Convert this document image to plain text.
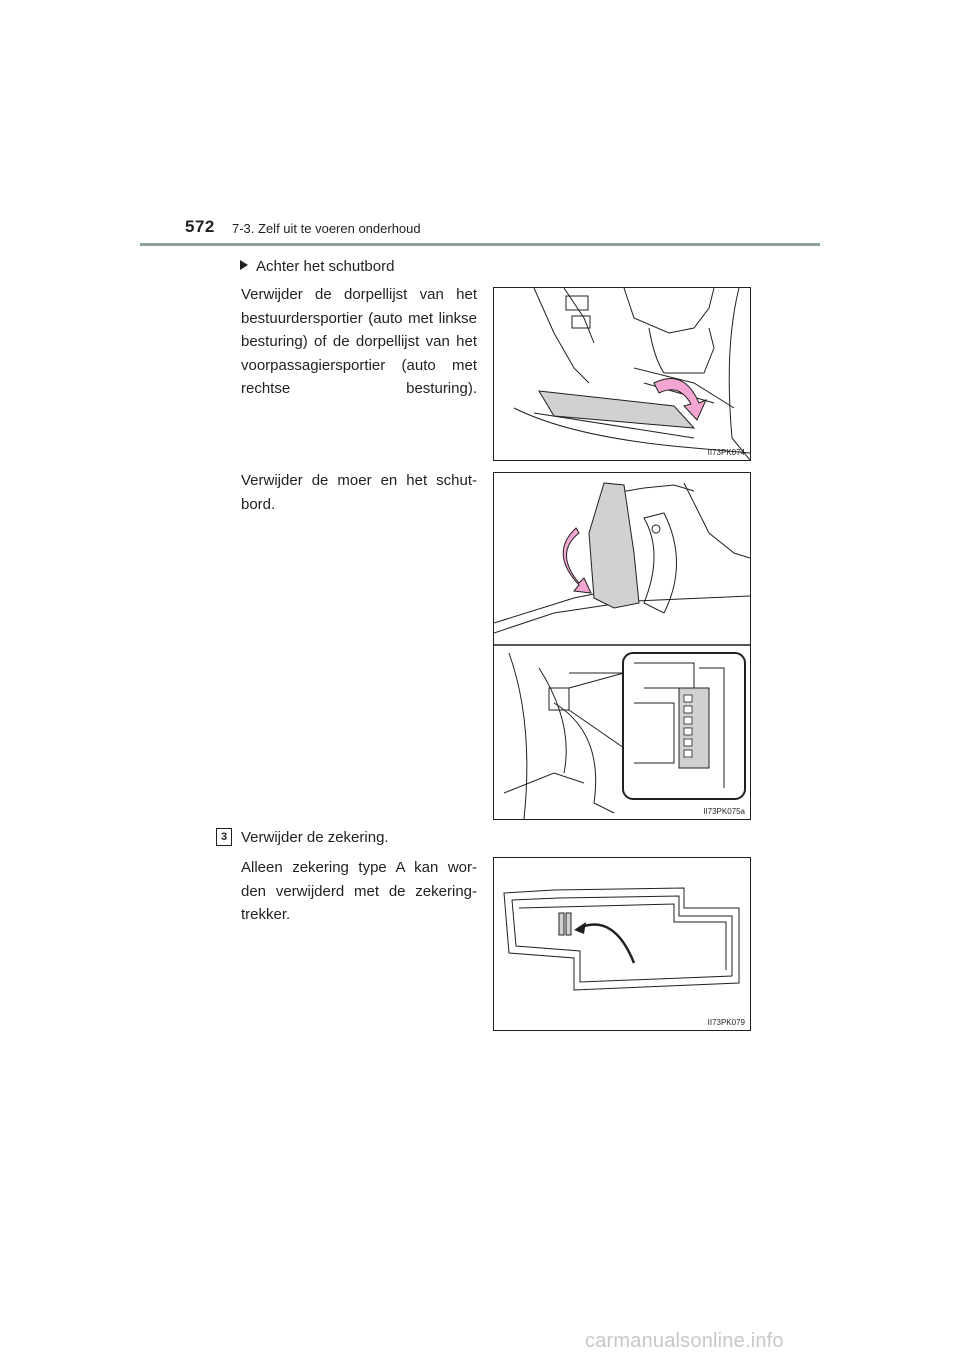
572 7-3. Zelf uit te voeren onderhoud
Achter het schutbord
Verwijder de dorpellijst van het bestuurdersportier (auto met linkse besturing) of de dorpellijst van het voorpassagiersportier (auto met rechtse besturing).
Verwijder de moer en het schut- bord.
3 Verwijder de zekering.
Alleen zekering type A kan wor- den verwijderd met de zekering- trekker.
II73PK074
II73PK075a
II73PK079
carmanualsonline.info
